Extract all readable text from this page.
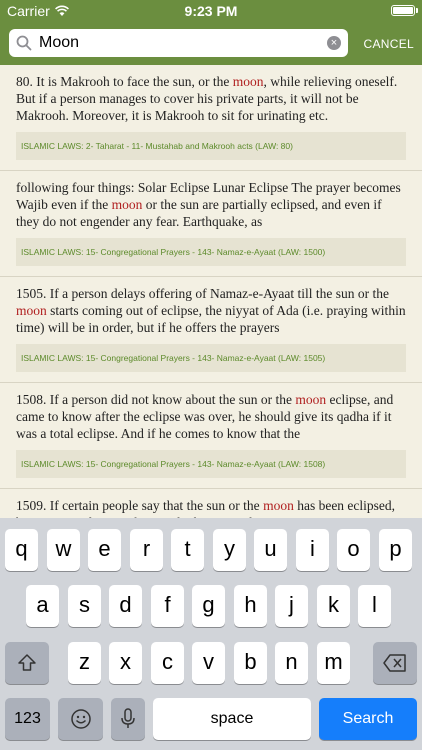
Carrier	9:23 PM
Moon	×	CANCEL
80. It is Makrooh to face the sun, or the moon, while relieving oneself. But if a person manages to cover his private parts, it will not be Makrooh. Moreover, it is Makrooh to sit for urinating etc.
ISLAMIC LAWS: 2- Taharat - 11- Mustahab and Makrooh acts (LAW: 80)
following four things: Solar Eclipse Lunar Eclipse The prayer becomes Wajib even if the moon or the sun are partially eclipsed, and even if they do not engender any fear. Earthquake, as
ISLAMIC LAWS: 15- Congregational Prayers - 143- Namaz-e-Ayaat (LAW: 1500)
1505. If a person delays offering of Namaz-e-Ayaat till the sun or the moon starts coming out of eclipse, the niyyat of Ada (i.e. praying within time) will be in order, but if he offers the prayers
ISLAMIC LAWS: 15- Congregational Prayers - 143- Namaz-e-Ayaat (LAW: 1505)
1508. If a person did not know about the sun or the moon eclipse, and came to know after the eclipse was over, he should give its qadha if it was a total eclipse. And if he comes to know that the
ISLAMIC LAWS: 15- Congregational Prayers - 143- Namaz-e-Ayaat (LAW: 1508)
1509. If certain people say that the sun or the moon has been eclipsed,
q	w	e	r	t	y	u	i	o	p
a	s	d	f	g	h	j	k	l
z	x	c	v	b	n	m
123	space	Search
